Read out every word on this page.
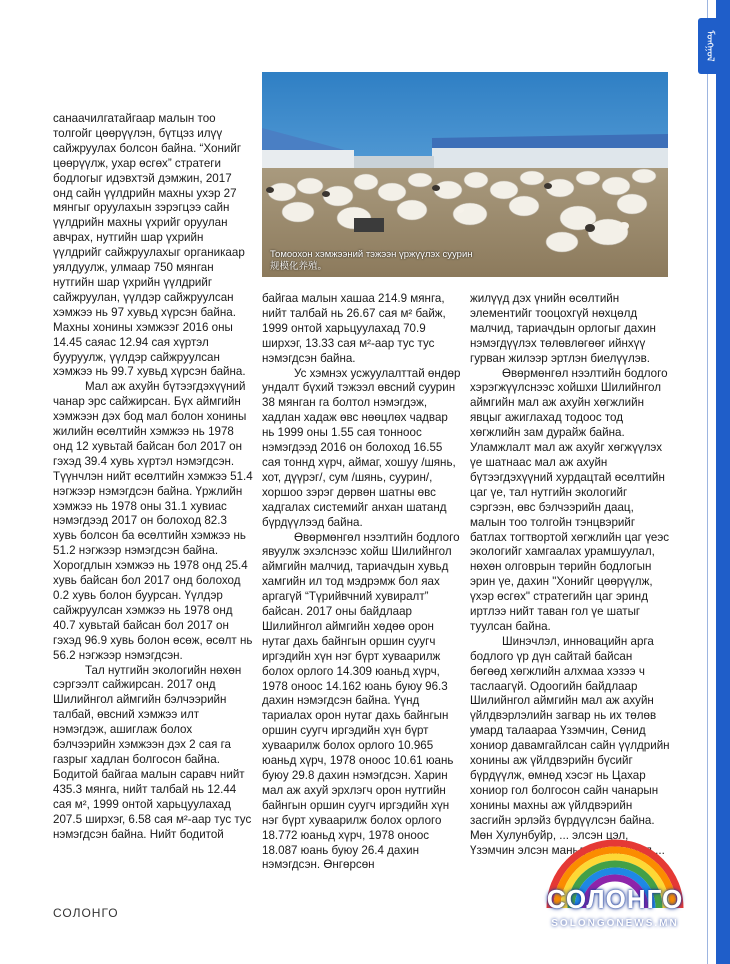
ᠮᠣᠩᠭᠣᠯ
Томоохон хэмжээний тэжээн үржүүлэх суурин
规模化养殖。

санаачилгатайгаар малын тоо толгойг цөөрүүлэн, бүтцэз илүү сайжруулах болсон байна. “Хонийг цөөрүүлж, ухар өсгөх” стратеги бодлогыг идэвхтэй дэмжин, 2017 онд сайн үүлдрийн махны ухэр 27 мянгыг оруулахын зэрэгцээ сайн үүлдрийн махны үхрийг оруулан авчрах, нутгийн шар үхрийн үүлдрийг сайжруулахыг органикаар уялдуулж, улмаар 750 мянган нутгийн шар үхрийн үүлдрийг сайжруулан, үүлдэр сайжруулсан хэмжээ нь 97 хувьд хүрсэн байна. Махны хонины хэмжээг 2016 оны 14.45 саяас 12.94 сая хүртэл бууруулж, үүлдэр сайжруулсан хэмжээ нь 99.7 хувьд хүрсэн байна.

Мал аж ахуйн бүтээгдэхүүний чанар эрс сайжирсан. Бүх аймгийн хэмжээн дэх бод мал болон хонины жилийн өсөлтийн хэмжээ нь 1978 онд 12 хувьтай байсан бол 2017 он гэхэд 39.4 хувь хүртэл нэмэгдсэн. Түүнчлэн нийт өсөлтийн хэмжээ 51.4 нэгжээр нэмэгдсэн байна. Үржлийн хэмжээ нь 1978 оны 31.1 хувиас нэмэгдээд 2017 он болоход 82.3 хувь болсон ба өсөлтийн хэмжээ нь 51.2 нэгжээр нэмэгдсэн байна. Хорогдлын хэмжээ нь 1978 онд 25.4 хувь байсан бол 2017 онд болоход 0.2 хувь болон буурсан. Үүлдэр сайжруулсан хэмжээ нь 1978 онд 40.7 хувьтай байсан бол 2017 он гэхэд 96.9 хувь болон өсөж, өсөлт нь 56.2 нэгжээр нэмэгдсэн.

Тал нутгийн экологийн нөхөн сэргээлт сайжирсан. 2017 онд Шилийнгол аймгийн бэлчээрийн талбай, өвсний хэмжээ илт нэмэгдэж, ашиглаж болох бэлчээрийн хэмжээн дэх 2 сая га газрыг хадлан болгосон байна. Бодитой байгаа малын саравч нийт 435.3 мянга, нийт талбай нь 12.44 сая м², 1999 онтой харьцуулахад 207.5 шиpxэг, 6.58 сая м²-аар тус тус нэмэгдсэн байна. Нийт бодитой

байгаа малын хашаа 214.9 мянга, нийт талбай нь 26.67 сая м² байж, 1999 онтой харьцуулахад 70.9 шиpxэг, 13.33 сая м²-аар тус тус нэмэгдсэн байна.

Ус хэмнэх усжуулалттай өндөр ундалт бүхий тэжээл өвсний суурин 38 мянган га болтол нэмэгдэж, хадлан хадаж өвс нөөцлөх чадвар нь 1999 оны 1.55 сая тонноос нэмэгдээд 2016 он болоход 16.55 сая тоннд хүрч, аймаг, хошуу /шянь, хот, дүүрэг/, сум /шянь, суурин/, хоршоо зэрэг дөрвөн шатны өвс хадгалах системийг анхан шатанд бүрдүүлээд байна.

Өвөрмөнгөл нээлтийн бодлого явуулж эхэлснээс хойш Шилийнгол аймгийн малчид, тариачдын хувьд хамгийн ил тод мэдрэмж бол яах аргагүй “Түрийвчний хувиралт” байсан. 2017 оны байдлаар Шилийнгол аймгийн хөдөө орон нутаг дахь байнгын оршин суугч иргэдийн хүн нэг бүрт хуваарилж болох орлого 14.309 юаньд хүрч, 1978 оноос 14.162 юань буюу 96.3 дахин нэмэгдсэн байна. Үүнд тариалах орон нутаг дахь байнгын оршин суугч иргэдийн хүн бүрт хуваарилж болох орлого 10.965 юаньд хүрч, 1978 оноос 10.61 юань буюу 29.8 дахин нэмэгдсэн. Харин мал аж ахуй эрхлэгч орон нутгийн байнгын оршин суугч иргэдийн хүн нэг бүрт хуваарилж болох орлого 18.772 юаньд хүрч, 1978 оноос 18.087 юань буюу 26.4 дахин нэмэгдсэн. Өнгөрсөн

жилүүд дэх үнийн өсөлтийн элементийг тооцохгүй нөхцөлд малчид, тариачдын орлогыг дахин нэмэгдүүлэх төлөвлөгөөг ийнхүү гурван жилээр эртлэн биелүүлэв.

Өвөрмөнгөл нээлтийн бодлого хэрэгжүүлснээс хойшхи Шилийнгол аймгийн мал аж ахуйн хөгжлийн явцыг ажиглахад тодоос тод хөгжлийн зам дурайж байна. Уламжлалт мал аж ахуйг хөгжүүлэх үе шатнаас мал аж ахуйн бүтээгдэхүүний хурдацтай өсөлтийн цаг үе, тал нутгийн экологийг сэргээн, өвс бэлчээрийн даац, малын тоо толгойн тэнцвэрийг батлах тогтвортой хөгжлийн цаг үеэс экологийг хамгаалах урамшуулал, нөхөн олговрын төрийн бодлогын эрин үе, дахин "Хонийг цөөрүүлж, үхэр өсгөх" стратегийн цаг эринд иртлээ нийт таван гол үе шатыг туулсан байна.

Шинэчлэл, инновацийн арга бодлого үр дүн сайтай байсан бөгөөд хөгжлийн алхмаа хэзээ ч таслаагүй. Одоогийн байдлаар Шилийнгол аймгийн мал аж ахуйн үйлдвэрлэлийн загвар нь их төлөв умард талаараа Үзэмчин, Сөнид хониор давамгайлсан сайн үүлдрийн хонины аж үйлдвэрийн бүсийг бүрдүүлж, өмнөд хэсэг нь Цахар хониор гол болгосон сайн чанарын хонины махны аж үйлдвэрийн засгийн эрлэйз бүрдүүлсэн байна. Мөн Хулунбуйр, ... элсэн цэл, Үзэмчин элсэн маньд Шилийн гол ...

СОЛОНГО	СОЛОНГО
SOLONGONEWS.MN
